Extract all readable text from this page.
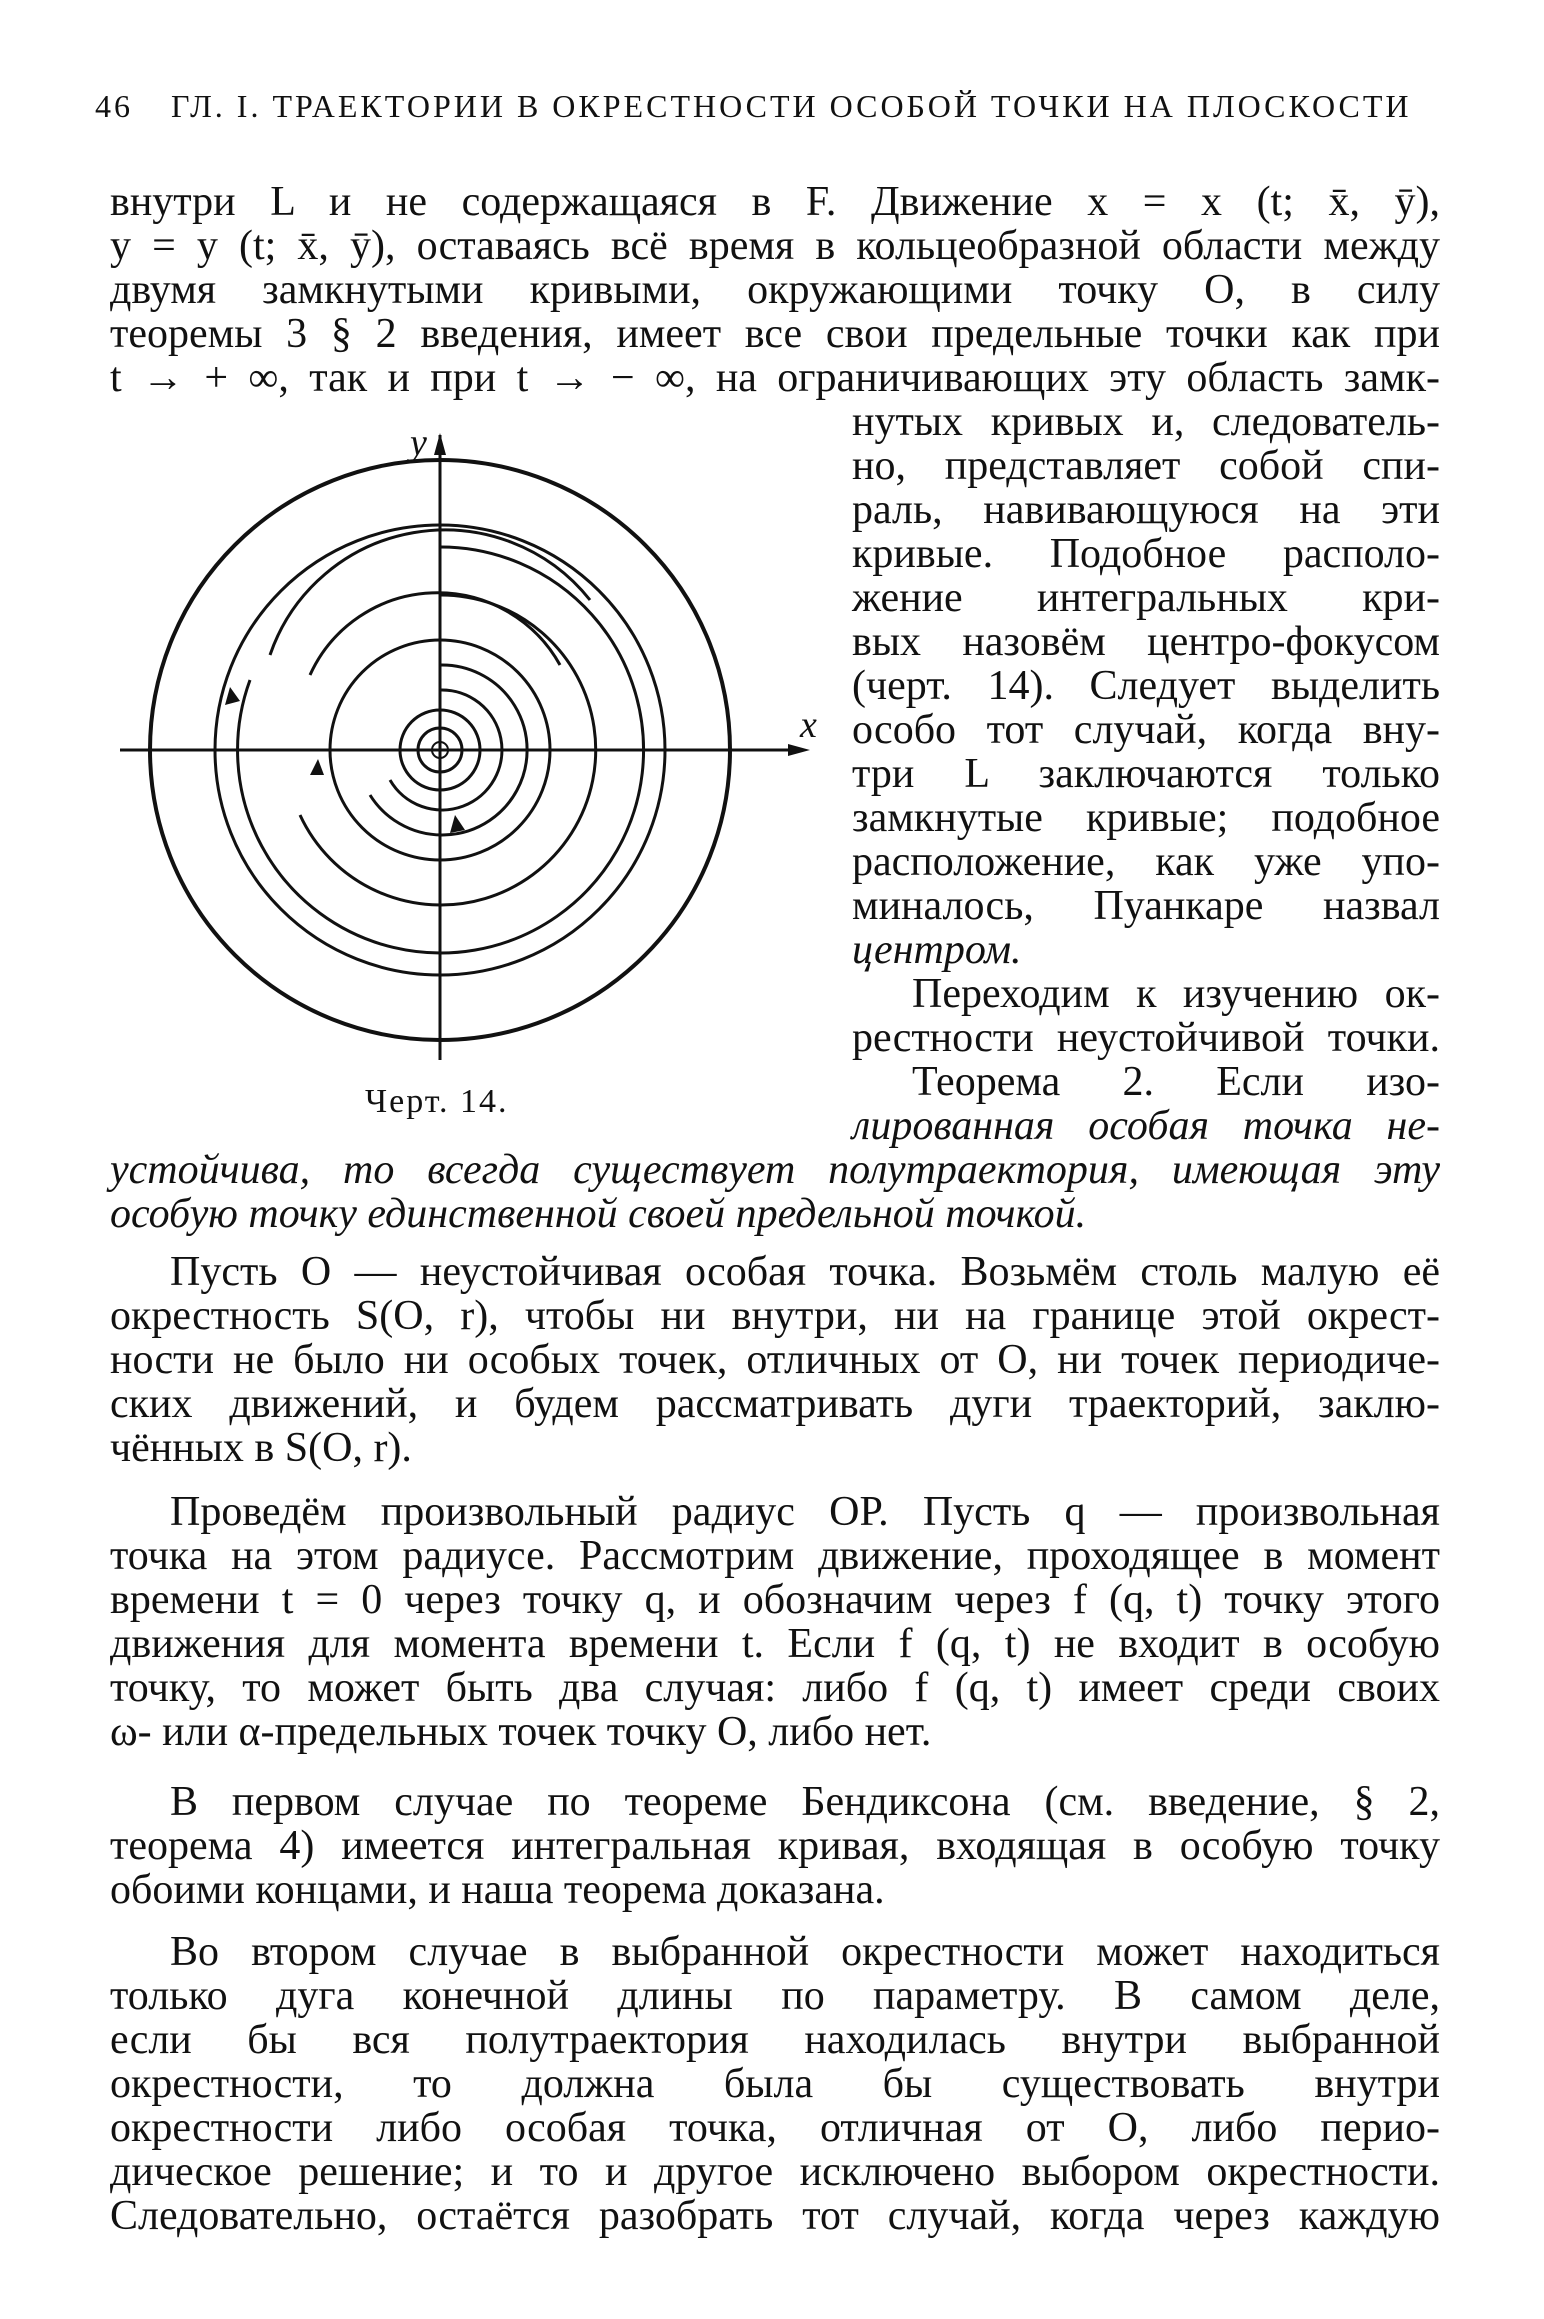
46 ГЛ. I. ТРАЕКТОРИИ В ОКРЕСТНОСТИ ОСОБОЙ ТОЧКИ НА ПЛОСКОСТИ

внутри L и не содержащаяся в F. Движение x = x (t; x̄, ȳ),

y = y (t; x̄, ȳ), оставаясь всё время в кольцеобразной области между

двумя замкнутыми кривыми, окружающими точку O, в силу

теоремы 3 § 2 введения, имеет все свои предельные точки как при

t → + ∞, так и при t → − ∞, на ограничивающих эту область замк-

y
x
Черт. 14.

нутых кривых и, следователь-

но, представляет собой спи-

раль, навивающуюся на эти

кривые. Подобное располо-

жение интегральных кри-

вых назовём центро-фокусом

(черт. 14). Следует выделить

особо тот случай, когда вну-

три L заключаются только

замкнутые кривые; подобное

расположение, как уже упо-

миналось, Пуанкаре назвал

центром.

Переходим к изучению ок-

рестности неустойчивой точки.

Теорема 2. Если изо-

лированная особая точка не-

устойчива, то всегда существует полутраектория, имеющая эту

особую точку единственной своей предельной точкой.

Пусть O — неустойчивая особая точка. Возьмём столь малую её

окрестность S(O, r), чтобы ни внутри, ни на границе этой окрест-

ности не было ни особых точек, отличных от O, ни точек периодиче-

ских движений, и будем рассматривать дуги траекторий, заклю-

чённых в S(O, r).

Проведём произвольный радиус OP. Пусть q — произвольная

точка на этом радиусе. Рассмотрим движение, проходящее в момент

времени t = 0 через точку q, и обозначим через f (q, t) точку этого

движения для момента времени t. Если f (q, t) не входит в особую

точку, то может быть два случая: либо f (q, t) имеет среди своих

ω- или α-предельных точек точку O, либо нет.

В первом случае по теореме Бендиксона (см. введение, § 2,

теорема 4) имеется интегральная кривая, входящая в особую точку

обоими концами, и наша теорема доказана.

Во втором случае в выбранной окрестности может находиться

только дуга конечной длины по параметру. В самом деле,

если бы вся полутраектория находилась внутри выбранной

окрестности, то должна была бы существовать внутри

окрестности либо особая точка, отличная от O, либо перио-

дическое решение; и то и другое исключено выбором окрестности.

Следовательно, остаётся разобрать тот случай, когда через каждую
